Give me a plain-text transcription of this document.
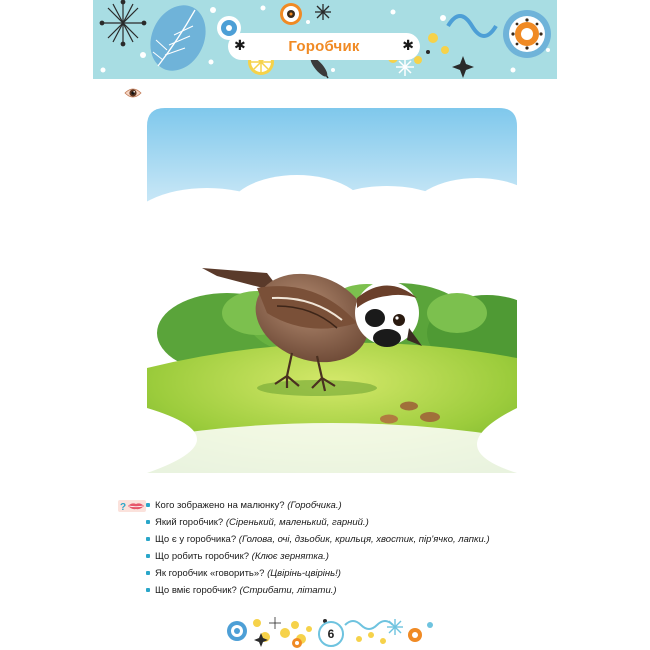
✱	Горобчик	✱
?	Кого зображено на малюнку? (Горобчика.)
Який горобчик? (Сіренький, маленький, гарний.)
Що є у горобчика? (Голова, очі, дзьобик, крильця, хвостик, пір'ячко, лапки.)
Що робить горобчик? (Клює зернятка.)
Як горобчик «говорить»? (Цвірінь-цвірінь!)
Що вміє горобчик? (Стрибати, літати.)
6
